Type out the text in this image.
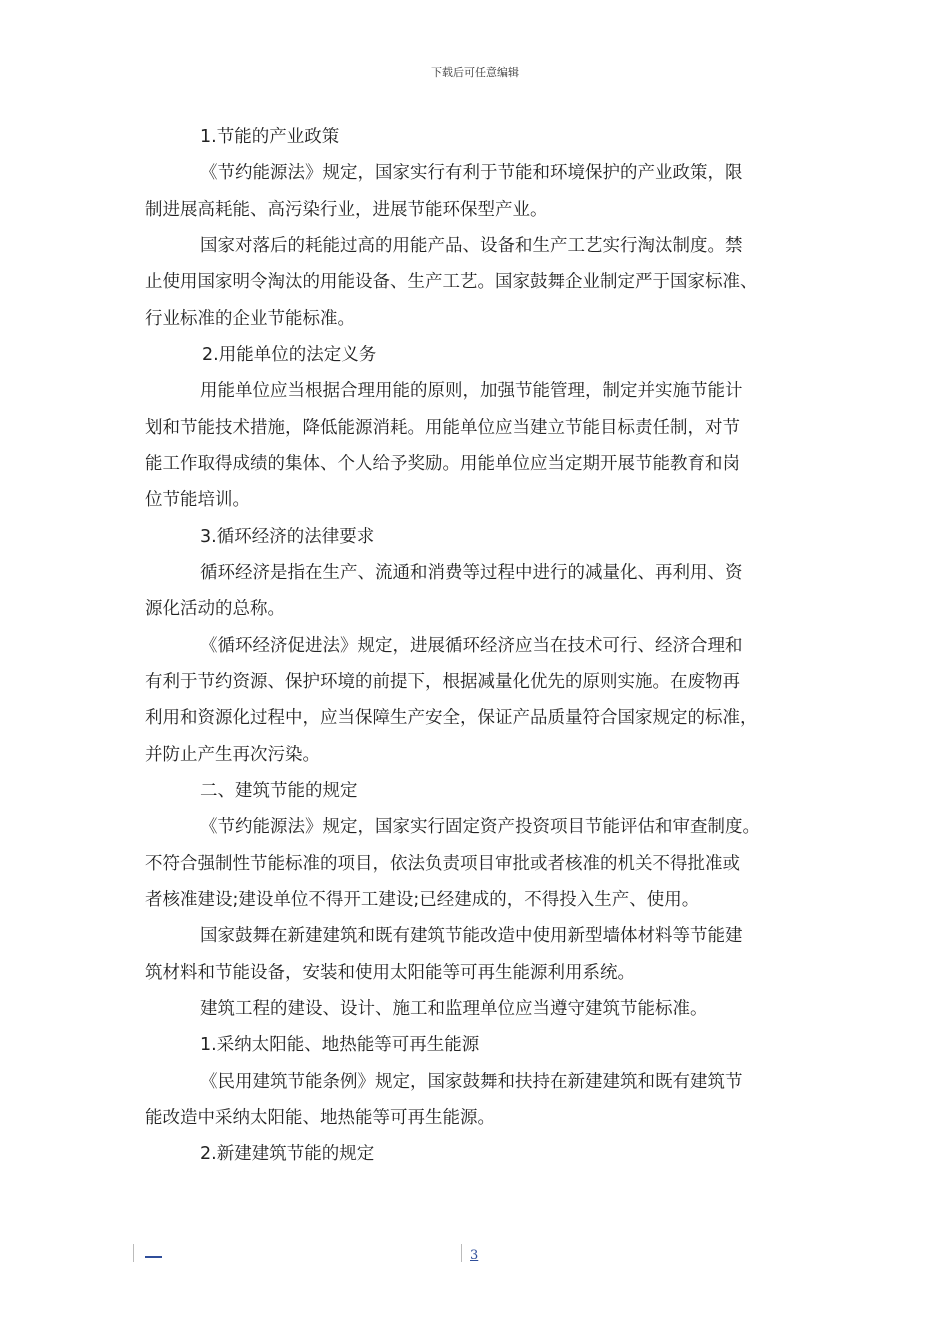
下载后可任意编辑
1.节能的产业政策
《节约能源法》规定，国家实行有利于节能和环境保护的产业政策，限
制进展高耗能、高污染行业，进展节能环保型产业。
国家对落后的耗能过高的用能产品、设备和生产工艺实行淘汰制度。禁
止使用国家明令淘汰的用能设备、生产工艺。国家鼓舞企业制定严于国家标准、
行业标准的企业节能标准。
2.用能单位的法定义务
用能单位应当根据合理用能的原则，加强节能管理，制定并实施节能计
划和节能技术措施，降低能源消耗。用能单位应当建立节能目标责任制，对节
能工作取得成绩的集体、个人给予奖励。用能单位应当定期开展节能教育和岗
位节能培训。
3.循环经济的法律要求
循环经济是指在生产、流通和消费等过程中进行的减量化、再利用、资
源化活动的总称。
《循环经济促进法》规定，进展循环经济应当在技术可行、经济合理和
有利于节约资源、保护环境的前提下，根据减量化优先的原则实施。在废物再
利用和资源化过程中，应当保障生产安全，保证产品质量符合国家规定的标准，
并防止产生再次污染。
二、建筑节能的规定
《节约能源法》规定，国家实行固定资产投资项目节能评估和审查制度。
不符合强制性节能标准的项目，依法负责项目审批或者核准的机关不得批准或
者核准建设;建设单位不得开工建设;已经建成的，不得投入生产、使用。
国家鼓舞在新建建筑和既有建筑节能改造中使用新型墙体材料等节能建
筑材料和节能设备，安装和使用太阳能等可再生能源利用系统。
建筑工程的建设、设计、施工和监理单位应当遵守建筑节能标准。
1.采纳太阳能、地热能等可再生能源
《民用建筑节能条例》规定，国家鼓舞和扶持在新建建筑和既有建筑节
能改造中采纳太阳能、地热能等可再生能源。
2.新建建筑节能的规定
3
